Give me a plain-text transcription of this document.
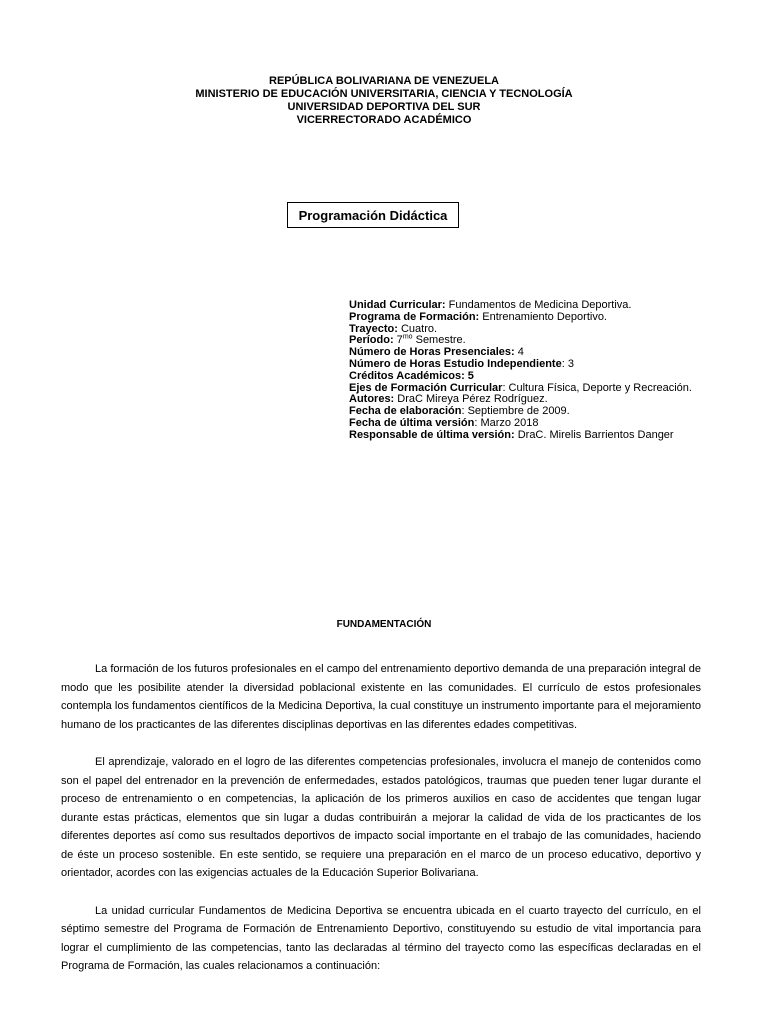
REPÚBLICA BOLIVARIANA DE VENEZUELA
MINISTERIO DE EDUCACIÓN UNIVERSITARIA, CIENCIA Y TECNOLOGÍA
UNIVERSIDAD DEPORTIVA DEL SUR
VICERRECTORADO ACADÉMICO
Programación Didáctica
Unidad Curricular: Fundamentos de Medicina Deportiva.
Programa de Formación: Entrenamiento Deportivo.
Trayecto: Cuatro.
Período: $7^{mo}$ Semestre.
Número de Horas Presenciales: 4
Número de Horas Estudio Independiente: 3
Créditos Académicos: 5
Ejes de Formación Curricular: Cultura Física, Deporte y Recreación.
Autores: DraC Mireya Pérez Rodríguez.
Fecha de elaboración: Septiembre de 2009.
Fecha de última versión: Marzo 2018
Responsable de última versión: DraC. Mirelis Barrientos Danger
FUNDAMENTACIÓN

La formación de los futuros profesionales en el campo del entrenamiento deportivo demanda de una preparación integral de modo que les posibilite atender la diversidad poblacional existente en las comunidades. El currículo de estos profesionales contempla los fundamentos científicos de la Medicina Deportiva, la cual constituye un instrumento importante para el mejoramiento humano de los practicantes de las diferentes disciplinas deportivas en las diferentes edades competitivas.

El aprendizaje, valorado en el logro de las diferentes competencias profesionales, involucra el manejo de contenidos como son el papel del entrenador en la prevención de enfermedades, estados patológicos, traumas que pueden tener lugar durante el proceso de entrenamiento o en competencias, la aplicación de los primeros auxilios en caso de accidentes que tengan lugar durante estas prácticas, elementos que sin lugar a dudas contribuirán a mejorar la calidad de vida de los practicantes de los diferentes deportes así como sus resultados deportivos de impacto social importante en el trabajo de las comunidades, haciendo de éste un proceso sostenible. En este sentido, se requiere una preparación en el marco de un proceso educativo, deportivo y orientador, acordes con las exigencias actuales de la Educación Superior Bolivariana.

La unidad curricular Fundamentos de Medicina Deportiva se encuentra ubicada en el cuarto trayecto del currículo, en el séptimo semestre del Programa de Formación de Entrenamiento Deportivo, constituyendo su estudio de vital importancia para lograr el cumplimiento de las competencias, tanto las declaradas al término del trayecto como las específicas declaradas en el Programa de Formación, las cuales relacionamos a continuación:
